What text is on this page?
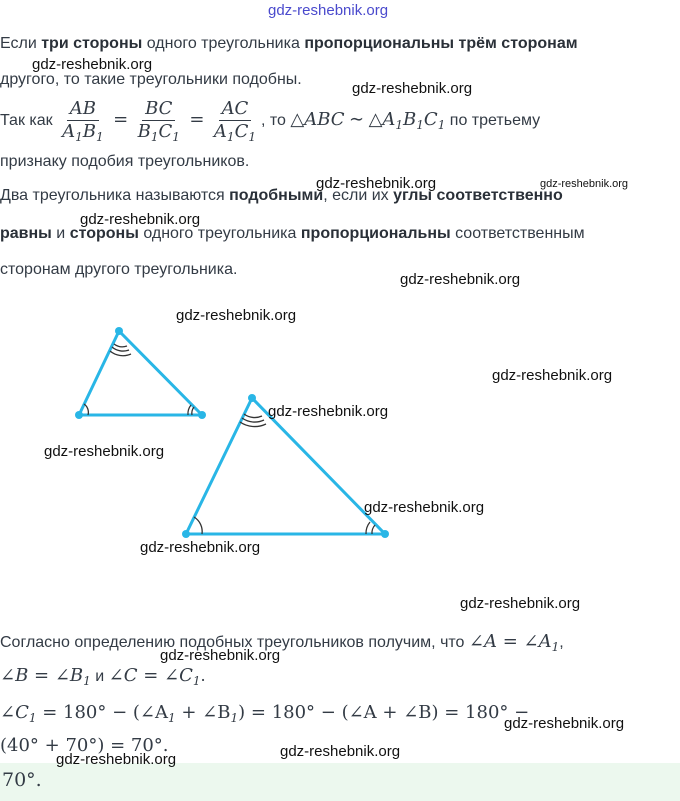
gdz-reshebnik.org
Если три стороны одного треугольника пропорциональны трём сторонам
другого, то такие треугольники подобны.
Так как $\frac{AB}{A_1B_1} = \frac{BC}{B_1C_1} = \frac{AC}{A_1C_1}$ , то △ABC ∼ $\triangle A_1B_1C_1$ по третьему
признаку подобия треугольников.
Два треугольника называются подобными, если их углы соответственно
равны и стороны одного треугольника пропорциональны соответственным
сторонам другого треугольника.
Согласно определению подобных треугольников получим, что ∠A = $\angle A_1$,
∠B = $\angle B_1$ и ∠C = $\angle C_1$.
$\angle C_1 = 180^\circ$ − ($\angle A_1$ + $\angle B_1) = 180^\circ$ − (∠A + ∠B) = 180° −
(40° + 70°) = 70°.
70°.
gdz-reshebnik.org
gdz-reshebnik.org
gdz-reshebnik.org	gdz-reshebnik.org
gdz-reshebnik.org
gdz-reshebnik.org
gdz-reshebnik.org
gdz-reshebnik.org
gdz-reshebnik.org
gdz-reshebnik.org
gdz-reshebnik.org
gdz-reshebnik.org
gdz-reshebnik.org
gdz-reshebnik.org
gdz-reshebnik.org
gdz-reshebnik.org
gdz-reshebnik.org
